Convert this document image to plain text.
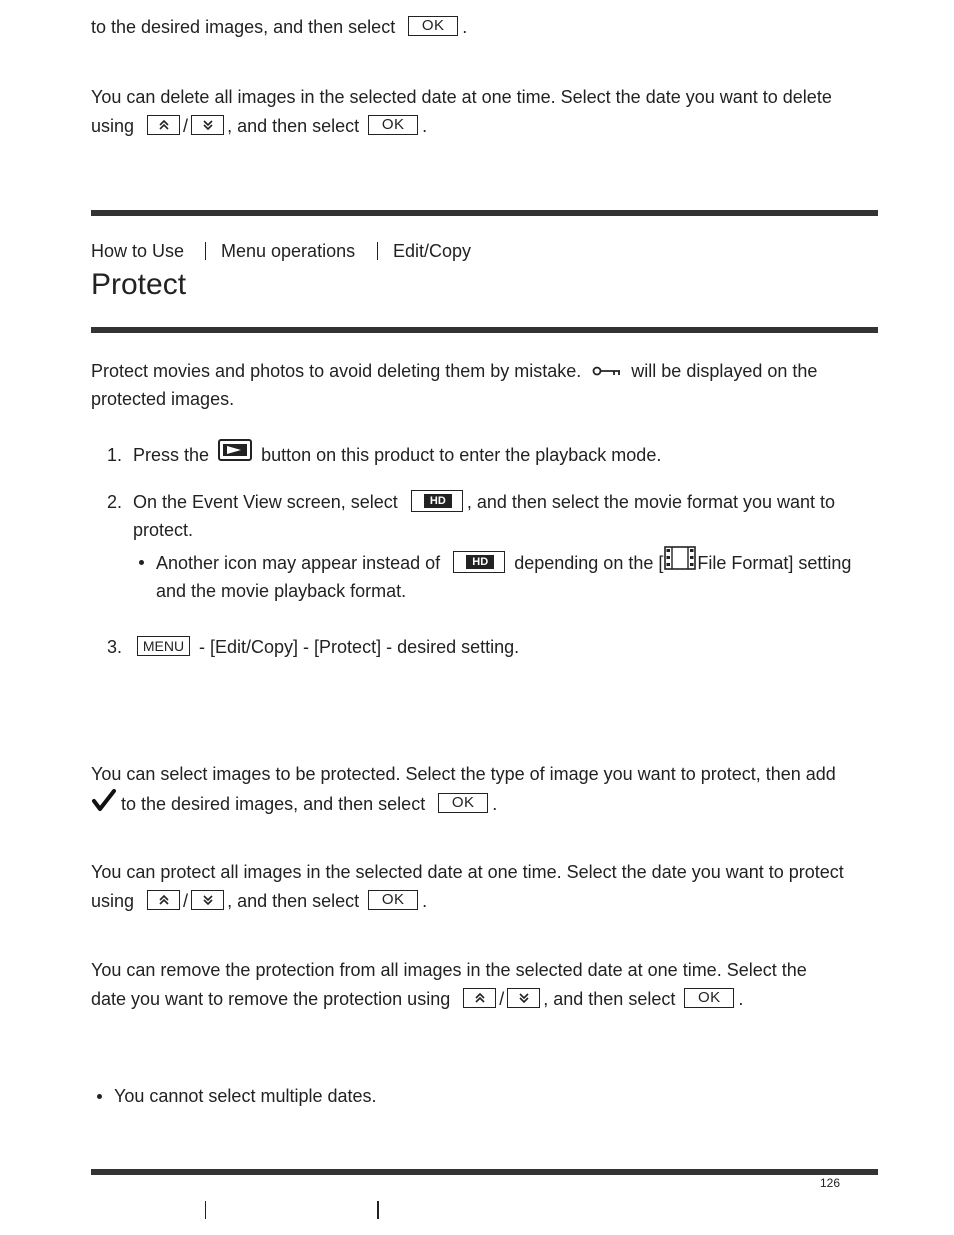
to the desired images, and then select OK .
You can delete all images in the selected date at one time. Select the date you want to delete
using	/ , and then select OK .
How to Use Menu operations Edit/Copy
Protect
Protect movies and photos to avoid deleting them by mistake.	will be displayed on the
protected images.
1. Press the	button on this product to enter the playback mode.
2. On the Event View screen, select	HD	, and then select the movie format you want to
protect.
Another icon may appear instead of	HD	depending on the [ File Format] setting
and the movie playback format.
3.	MENU - [Edit/Copy] - [Protect] - desired setting.
You can select images to be protected. Select the type of image you want to protect, then add
to the desired images, and then select OK .
You can protect all images in the selected date at one time. Select the date you want to protect
using	/ , and then select OK .
You can remove the protection from all images in the selected date at one time. Select the
date you want to remove the protection using	/ , and then select OK .
You cannot select multiple dates.
126
